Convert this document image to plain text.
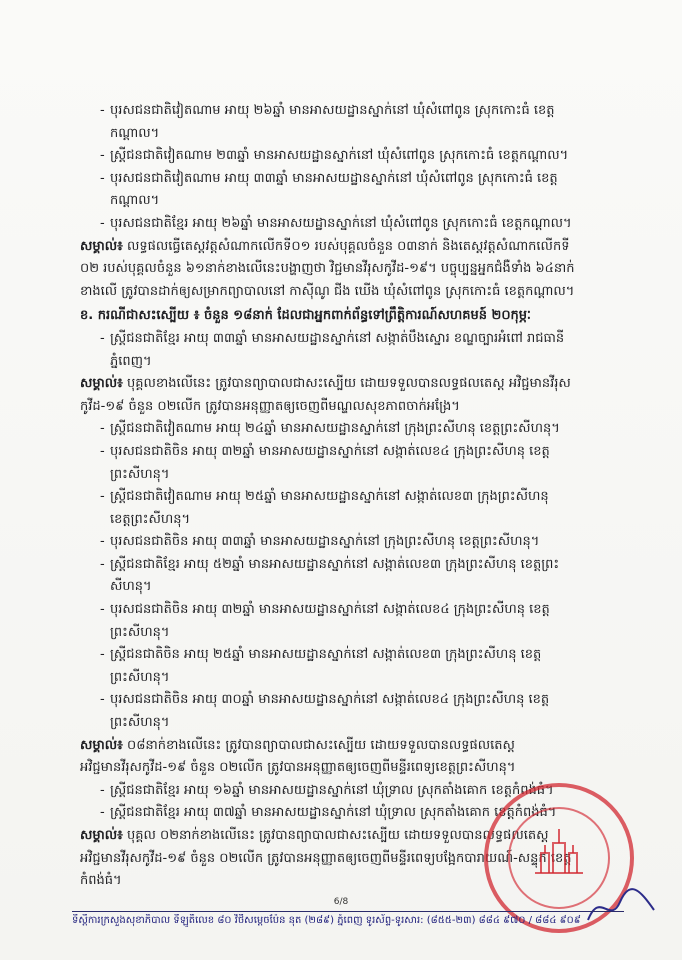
- បុរសជនជាតិវៀតណាម អាយុ ២៦ឆ្នាំ មានអាសយដ្ឋានស្នាក់នៅ ឃុំសំពៅពូន ស្រុកកោះធំ ខេត្ត
កណ្ដាល។
- ស្ត្រីជនជាតិវៀតណាម ២៣ឆ្នាំ មានអាសយដ្ឋានស្នាក់នៅ ឃុំសំពៅពូន ស្រុកកោះធំ ខេត្តកណ្ដាល។
- បុរសជនជាតិវៀតណាម អាយុ ៣៣ឆ្នាំ មានអាសយដ្ឋានស្នាក់នៅ ឃុំសំពៅពូន ស្រុកកោះធំ ខេត្ត
កណ្ដាល។
- បុរសជនជាតិខ្មែរ អាយុ ២៦ឆ្នាំ មានអាសយដ្ឋានស្នាក់នៅ ឃុំសំពៅពូន ស្រុកកោះធំ ខេត្តកណ្ដាល។
សម្គាល់៖ លទ្ធផលធ្វើតេស្តវត្តសំណាកលើកទី០១ របស់បុគ្គលចំនួន ០៣នាក់ និងតេស្តវត្តសំណាកលើកទី
០២ របស់បុគ្គលចំនួន ៦១នាក់ខាងលើនេះបង្ហាញថា វិជ្ជមានវីរុសកូវីដ-១៩។ បច្ចុប្បន្នអ្នកជំងឺទាំង ៦៤នាក់
ខាងលើ ត្រូវបានដាក់ឲ្យសម្រាកព្យាបាលនៅ កាស៊ីណូ ជីង ឃើង ឃុំសំពៅពូន ស្រុកកោះធំ ខេត្តកណ្ដាល។
ខ. ករណីជាសះស្បើយ ៖ ចំនួន ១៨នាក់ ដែលជាអ្នកពាក់ព័ន្ធទៅព្រឹត្តិការណ៍សហគមន៍ ២០កុម្ភៈ
- ស្ត្រីជនជាតិខ្មែរ អាយុ ៣៣ឆ្នាំ មានអាសយដ្ឋានស្នាក់នៅ សង្កាត់បឹងស្នោរ ខណ្ឌច្បារអំពៅ រាជធានី
ភ្នំពេញ។
សម្គាល់៖ បុគ្គលខាងលើនេះ ត្រូវបានព្យាបាលជាសះស្បើយ ដោយទទួលបានលទ្ធផលតេស្ត អវិជ្ជមានវីរុស
កូវីដ-១៩ ចំនួន ០២លើក ត្រូវបានអនុញ្ញាតឲ្យចេញពីមណ្ឌលសុខភាពចាក់អង្រែ។
- ស្ត្រីជនជាតិវៀតណាម អាយុ ២៤ឆ្នាំ មានអាសយដ្ឋានស្នាក់នៅ ក្រុងព្រះសីហនុ ខេត្តព្រះសីហនុ។
- បុរសជនជាតិចិន អាយុ ៣២ឆ្នាំ មានអាសយដ្ឋានស្នាក់នៅ សង្កាត់លេខ៤ ក្រុងព្រះសីហនុ ខេត្ត
ព្រះសីហនុ។
- ស្ត្រីជនជាតិវៀតណាម អាយុ ២៥ឆ្នាំ មានអាសយដ្ឋានស្នាក់នៅ សង្កាត់លេខ៣ ក្រុងព្រះសីហនុ
ខេត្តព្រះសីហនុ។
- បុរសជនជាតិចិន អាយុ ៣៣ឆ្នាំ មានអាសយដ្ឋានស្នាក់នៅ ក្រុងព្រះសីហនុ ខេត្តព្រះសីហនុ។
- ស្ត្រីជនជាតិខ្មែរ អាយុ ៥២ឆ្នាំ មានអាសយដ្ឋានស្នាក់នៅ សង្កាត់លេខ៣ ក្រុងព្រះសីហនុ ខេត្តព្រះ
សីហនុ។
- បុរសជនជាតិចិន អាយុ ៣២ឆ្នាំ មានអាសយដ្ឋានស្នាក់នៅ សង្កាត់លេខ៤ ក្រុងព្រះសីហនុ ខេត្ត
ព្រះសីហនុ។
- ស្ត្រីជនជាតិចិន អាយុ ២៥ឆ្នាំ មានអាសយដ្ឋានស្នាក់នៅ សង្កាត់លេខ៣ ក្រុងព្រះសីហនុ ខេត្ត
ព្រះសីហនុ។
- បុរសជនជាតិចិន អាយុ ៣០ឆ្នាំ មានអាសយដ្ឋានស្នាក់នៅ សង្កាត់លេខ៤ ក្រុងព្រះសីហនុ ខេត្ត
ព្រះសីហនុ។
សម្គាល់៖ ០៨នាក់ខាងលើនេះ ត្រូវបានព្យាបាលជាសះស្បើយ ដោយទទួលបានលទ្ធផលតេស្ត
អវិជ្ជមានវីរុសកូវីដ-១៩ ចំនួន ០២លើក ត្រូវបានអនុញ្ញាតឲ្យចេញពីមន្ទីរពេទ្យខេត្តព្រះសីហនុ។
- ស្ត្រីជនជាតិខ្មែរ អាយុ ១៦ឆ្នាំ មានអាសយដ្ឋានស្នាក់នៅ ឃុំទ្រាល ស្រុកតាំងគោក ខេត្តកំពង់ធំ។
- ស្ត្រីជនជាតិខ្មែរ អាយុ ៣៧ឆ្នាំ មានអាសយដ្ឋានស្នាក់នៅ ឃុំទ្រាល ស្រុកតាំងគោក ខេត្តកំពង់ធំ។
សម្គាល់៖ បុគ្គល ០២នាក់ខាងលើនេះ ត្រូវបានព្យាបាលជាសះស្បើយ ដោយទទួលបានលទ្ធផលតេស្ត
អវិជ្ជមានវីរុសកូវីដ-១៩ ចំនួន ០២លើក ត្រូវបានអនុញ្ញាតឲ្យចេញពីមន្ទីរពេទ្យបង្អែកបារាយណ៍-សន្ទុក ខេត្ត
កំពង់ធំ។
6/8
ទីស្តីការក្រសួងសុខាភិបាល ទីឡូតិ៍លេខ ៨០ វិថីសម្ដេចប៉ែន នុត (២៨៩) ភ្នំពេញ ទូរស័ព្ទ-ទូរសារ: (៨៥៥-២៣) ៨៨៤ ៩៧០ / ៨៨៤ ៩០៩
